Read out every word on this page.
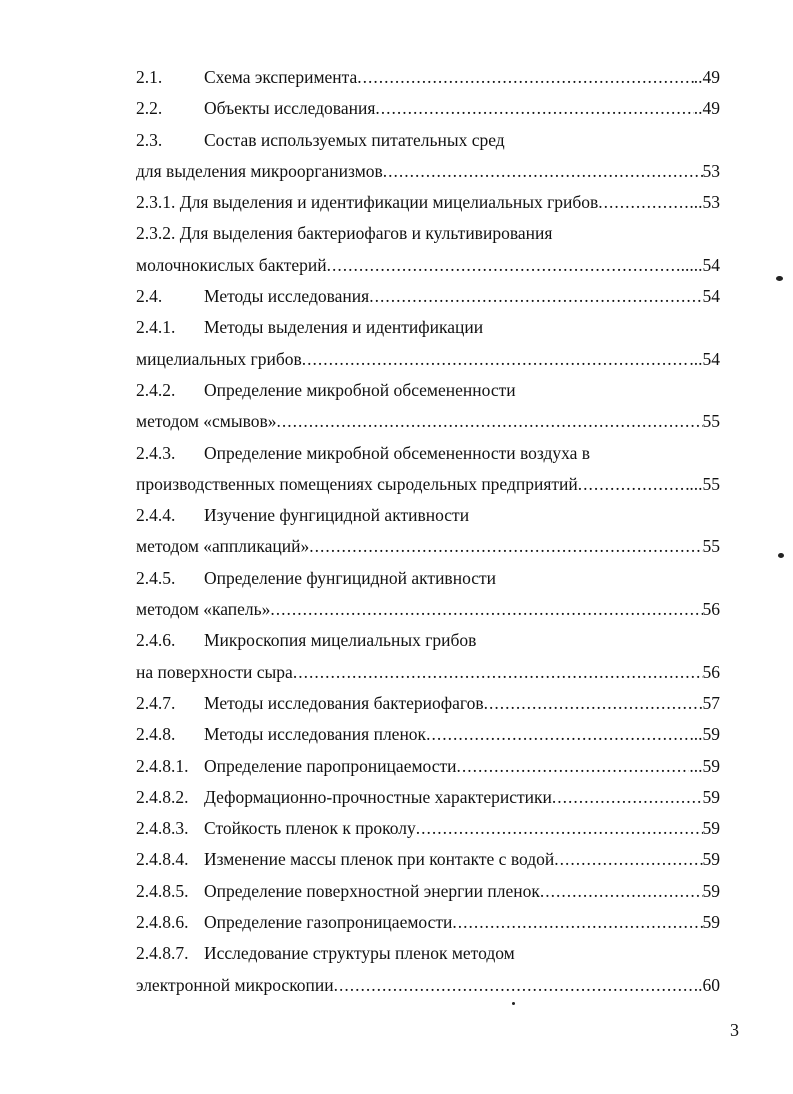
2.1. Схема эксперимента .....	..49
2.2. Объекты исследования .....	..49
2.3. Состав используемых питательных сред
для выделения микроорганизмов .....	53
2.3.1. Для выделения и идентификации мицелиальных грибов .....	...53
2.3.2. Для выделения бактериофагов и культивирования
молочнокислых бактерий .....	.....54
2.4. Методы исследования .....	54
2.4.1. Методы выделения и идентификации
мицелиальных грибов .....	...54
2.4.2. Определение микробной обсемененности
методом «смывов» .....	55
2.4.3. Определение микробной обсемененности воздуха в
производственных помещениях сыродельных предприятий .....	...55
2.4.4. Изучение фунгицидной активности
методом «аппликаций» .....	55
2.4.5. Определение фунгицидной активности
методом «капель» .....	56
2.4.6. Микроскопия мицелиальных грибов
на поверхности сыра .....	56
2.4.7. Методы исследования бактериофагов .....	57
2.4.8. Методы исследования пленок .....	..59
2.4.8.1. Определение паропроницаемости .....	...59
2.4.8.2. Деформационно-прочностные характеристики .....	59
2.4.8.3. Стойкость пленок к проколу .....	59
2.4.8.4. Изменение массы пленок при контакте с водой .....	59
2.4.8.5. Определение поверхностной энергии пленок .....	59
2.4.8.6. Определение газопроницаемости .....	59
2.4.8.7. Исследование структуры пленок методом
электронной микроскопии .....	..60
3
